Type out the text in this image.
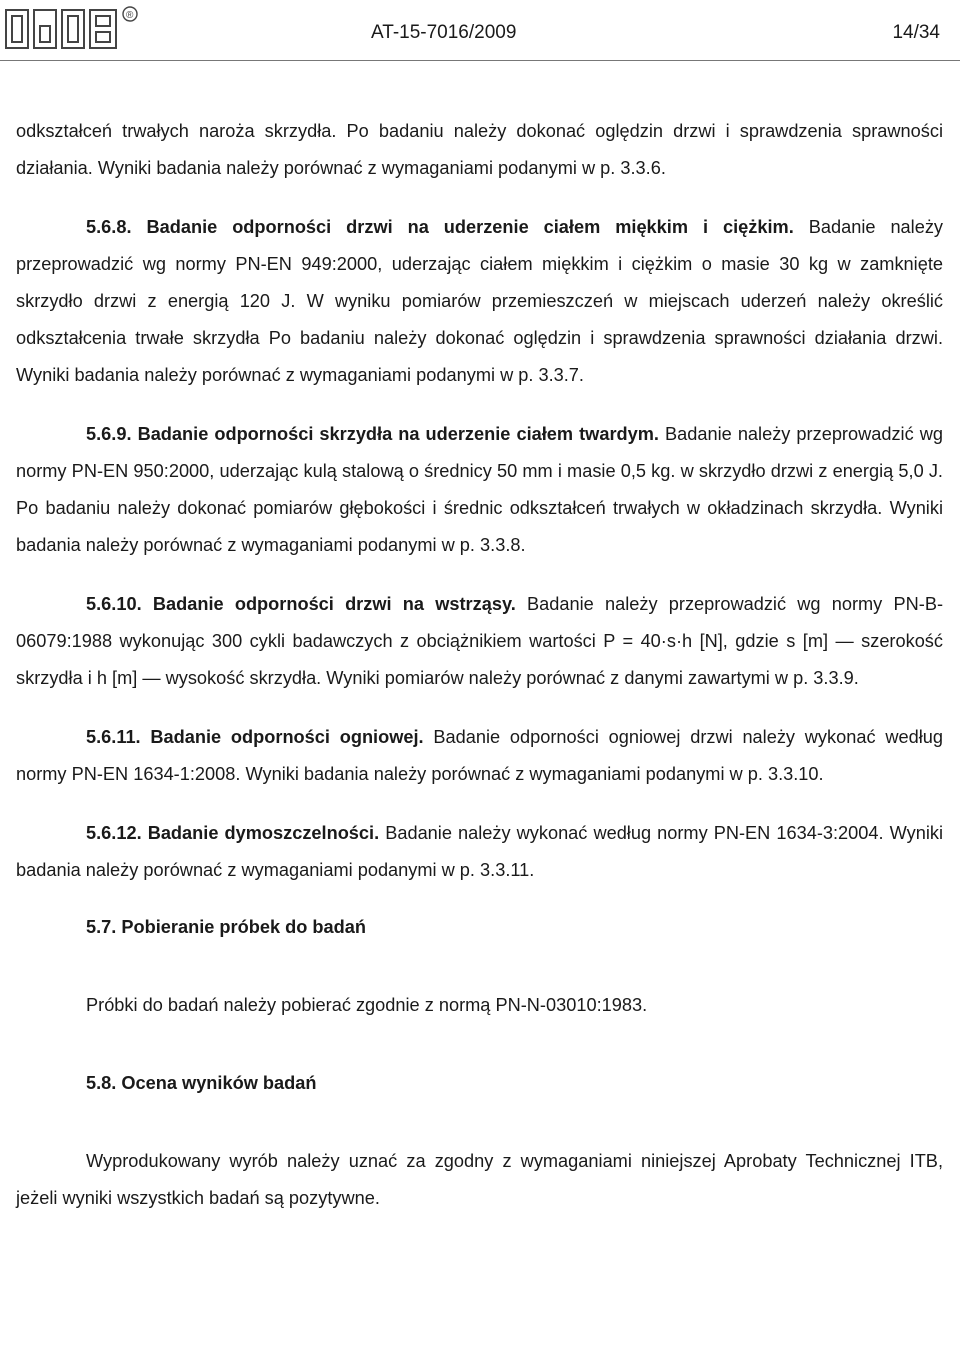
®
AT-15-7016/2009	14/34

odkształceń trwałych naroża skrzydła. Po badaniu należy dokonać oględzin drzwi i sprawdzenia sprawności działania. Wyniki badania należy porównać z wymaganiami podanymi w p. 3.3.6.

5.6.8. Badanie odporności drzwi na uderzenie ciałem miękkim i ciężkim. Badanie należy przeprowadzić wg normy PN-EN 949:2000, uderzając ciałem miękkim i ciężkim o masie 30 kg w zamknięte skrzydło drzwi z energią 120 J. W wyniku pomiarów przemieszczeń w miejscach uderzeń należy określić odkształcenia trwałe skrzydła Po badaniu należy dokonać oględzin i sprawdzenia sprawności działania drzwi. Wyniki badania należy porównać z wymaganiami podanymi w p. 3.3.7.

5.6.9. Badanie odporności skrzydła na uderzenie ciałem twardym. Badanie należy przeprowadzić wg normy PN-EN 950:2000, uderzając kulą stalową o średnicy 50 mm i masie 0,5 kg. w skrzydło drzwi z energią 5,0 J. Po badaniu należy dokonać pomiarów głębokości i średnic odkształceń trwałych w okładzinach skrzydła. Wyniki badania należy porównać z wymaganiami podanymi w p. 3.3.8.

5.6.10. Badanie odporności drzwi na wstrząsy. Badanie należy przeprowadzić wg normy PN-B-06079:1988 wykonując 300 cykli badawczych z obciążnikiem wartości P = 40·s·h [N], gdzie s [m] — szerokość skrzydła i h [m] — wysokość skrzydła. Wyniki pomiarów należy porównać z danymi zawartymi w p. 3.3.9.

5.6.11. Badanie odporności ogniowej. Badanie odporności ogniowej drzwi należy wykonać według normy PN-EN 1634-1:2008. Wyniki badania należy porównać z wymaganiami podanymi w p. 3.3.10.

5.6.12. Badanie dymoszczelności. Badanie należy wykonać według normy PN-EN 1634-3:2004. Wyniki badania należy porównać z wymaganiami podanymi w p. 3.3.11.

5.7. Pobieranie próbek do badań

Próbki do badań należy pobierać zgodnie z normą PN-N-03010:1983.

5.8. Ocena wyników badań

Wyprodukowany wyrób należy uznać za zgodny z wymaganiami niniejszej Aprobaty Technicznej ITB, jeżeli wyniki wszystkich badań są pozytywne.
